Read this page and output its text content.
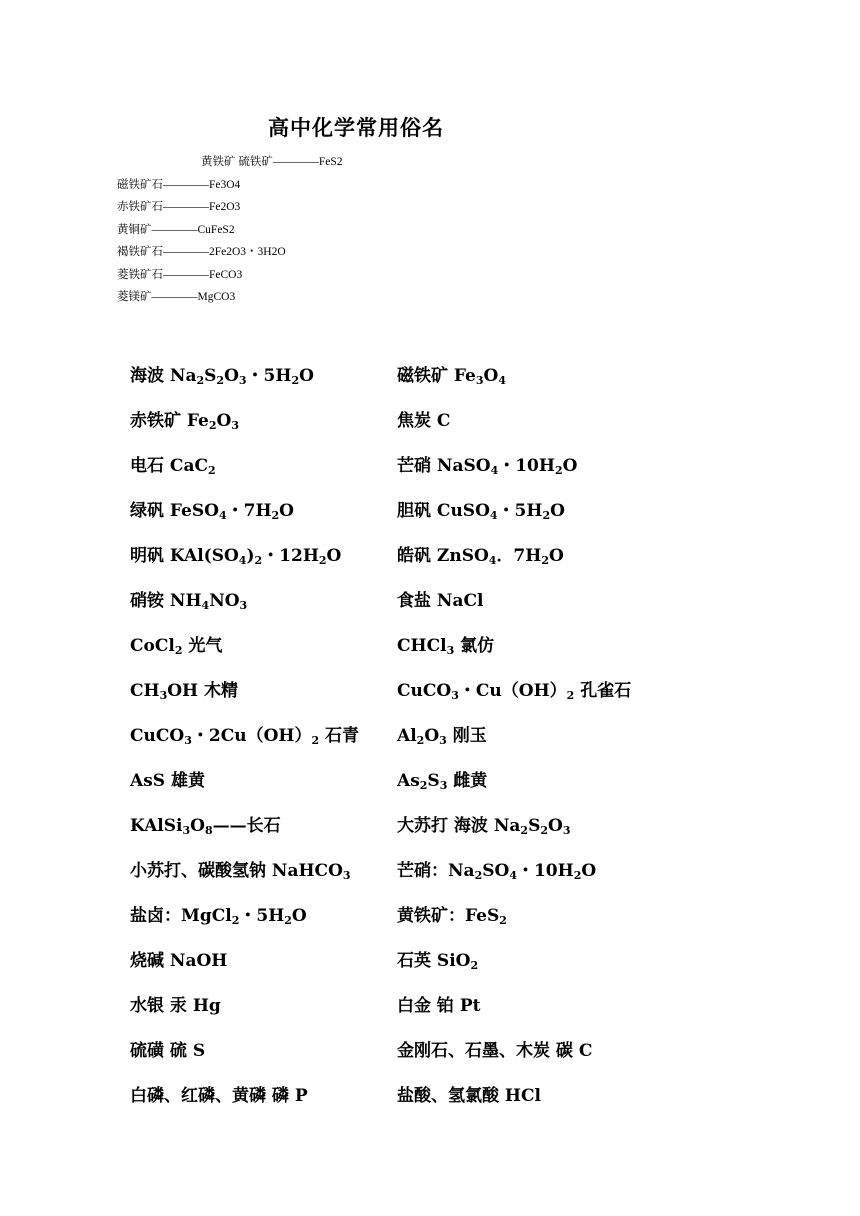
高中化学常用俗名
黄铁矿 硫铁矿————FeS2
磁铁矿石————Fe3O4
赤铁矿石————Fe2O3
黄铜矿————CuFeS2
褐铁矿石————2Fe2O3・3H2O
菱铁矿石————FeCO3
菱镁矿————MgCO3
海波 $Na_2S_2O_3$・$5H_2O$
赤铁矿 $Fe_2O_3$
电石 CaC$_2$
绿矾 FeSO$_4$・$7H_2O$
明矾 $KAl(SO_4)_2$・$12H_2O$
硝铵 $NH_4NO_3$
CoCl$_2$ 光气
$CH_3OH$ 木精
CuCO$_3$・$2Cu(OH)_2$ 石青
AsS 雄黄
$KAlSi_3O_8——$长石
小苏打、碳酸氢钠 NaHCO$_3$
盐卤：MgCl$_2$・$5H_2O$
烧碱 NaOH
水银 汞 Hg
硫磺 硫 S
白磷、红磷、黄磷 磷 P
磁铁矿 $Fe_3O_4$
焦炭 C
芒硝 NaSO$_4$・$10H_2O$
胆矾 CuSO$_4$・$5H_2O$
皓矾 ZnSO$_4$．$7H_2O$
食盐 NaCl
CHCl$_3$ 氯仿
CuCO$_3$・$Cu(OH)_2$ 孔雀石
$Al_2O_3$ 刚玉
$As_2S_3$ 雌黄
大苏打 海波 $Na_2S_2O_3$
芒硝：$Na_2SO_4$・$10H_2O$
黄铁矿：FeS$_2$
石英 SiO$_2$
白金 铂 Pt
金刚石、石墨、木炭 碳 C
盐酸、氢氯酸 HCl
